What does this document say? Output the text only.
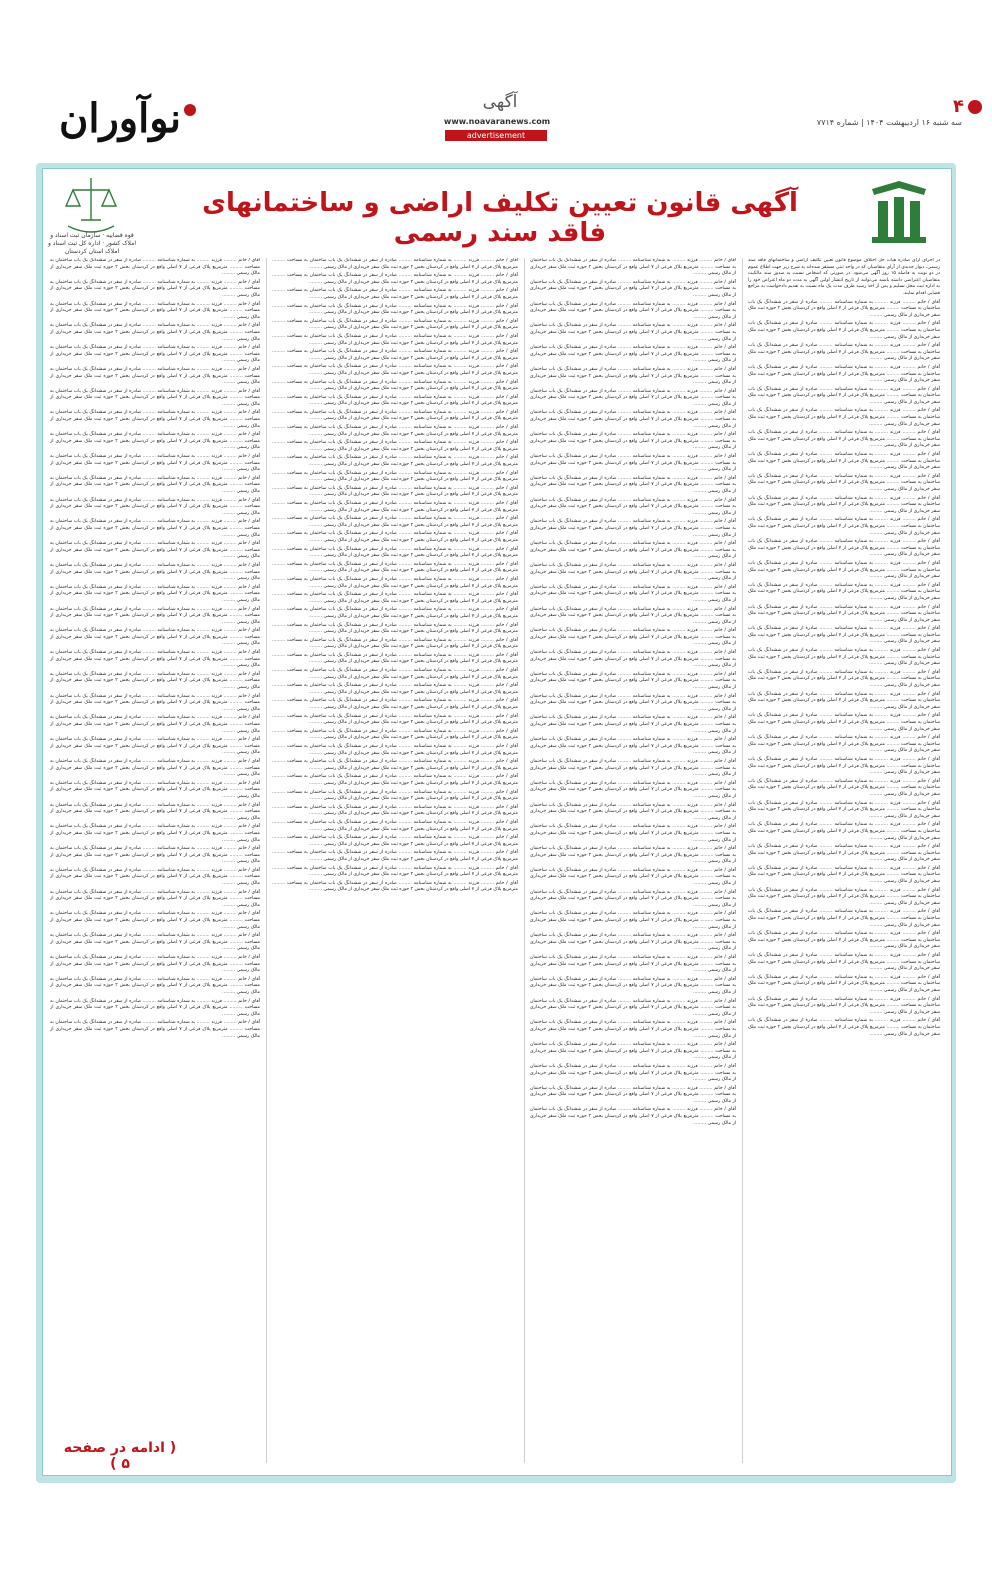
۴
سه شنبه ۱۶ اردیبهشت ۱۴۰۴ | شماره ۷۷۱۴
آگهی
www.noavaranews.com
advertisement
نوآوران
قوه قضاییه · سازمان ثبت اسناد و املاک کشور · اداره کل ثبت اسناد و املاک استان کردستان
آگهی قانون تعیین تکلیف اراضی و ساختمانهای فاقد سند رسمی

در اجرای آرای صادره هیات حل اختلاف موضوع قانون تعیین تکلیف اراضی و ساختمانهای فاقد سند رسمی، دیوار جدیدی از آرای متقاضیان که در واحد ثبتی مستقر شده‌اند به شرح زیر جهت اطلاع عموم در دو نوبت به فاصله ۱۵ روز آگهی می‌شود. در صورتی که اشخاص نسبت به صدور سند مالکیت متقاضیان اعتراضی داشته باشند می‌توانند از تاریخ انتشار اولین آگهی به مدت دو ماه اعتراض خود را به اداره ثبت محل تسلیم و پس از اخذ رسید ظرف مدت یک ماه نسبت به تقدیم دادخواست به مراجع قضایی اقدام نمایند.

آقای / خانم ......... فرزند ......... به شماره شناسنامه ......... صادره از سقز در ششدانگ یک باب ساختمان به مساحت ......... مترمربع پلاک فرعی از ۷ اصلی واقع در کردستان بخش ۲ حوزه ثبت ملک سقز خریداری از مالک رسمی .........

آقای / خانم ......... فرزند ......... به شماره شناسنامه ......... صادره از سقز در ششدانگ یک باب ساختمان به مساحت ......... مترمربع پلاک فرعی از ۷ اصلی واقع در کردستان بخش ۲ حوزه ثبت ملک سقز خریداری از مالک رسمی .........

آقای / خانم ......... فرزند ......... به شماره شناسنامه ......... صادره از سقز در ششدانگ یک باب ساختمان به مساحت ......... مترمربع پلاک فرعی از ۷ اصلی واقع در کردستان بخش ۲ حوزه ثبت ملک سقز خریداری از مالک رسمی .........

آقای / خانم ......... فرزند ......... به شماره شناسنامه ......... صادره از سقز در ششدانگ یک باب ساختمان به مساحت ......... مترمربع پلاک فرعی از ۷ اصلی واقع در کردستان بخش ۲ حوزه ثبت ملک سقز خریداری از مالک رسمی .........

آقای / خانم ......... فرزند ......... به شماره شناسنامه ......... صادره از سقز در ششدانگ یک باب ساختمان به مساحت ......... مترمربع پلاک فرعی از ۷ اصلی واقع در کردستان بخش ۲ حوزه ثبت ملک سقز خریداری از مالک رسمی .........

آقای / خانم ......... فرزند ......... به شماره شناسنامه ......... صادره از سقز در ششدانگ یک باب ساختمان به مساحت ......... مترمربع پلاک فرعی از ۷ اصلی واقع در کردستان بخش ۲ حوزه ثبت ملک سقز خریداری از مالک رسمی .........

آقای / خانم ......... فرزند ......... به شماره شناسنامه ......... صادره از سقز در ششدانگ یک باب ساختمان به مساحت ......... مترمربع پلاک فرعی از ۷ اصلی واقع در کردستان بخش ۲ حوزه ثبت ملک سقز خریداری از مالک رسمی .........

آقای / خانم ......... فرزند ......... به شماره شناسنامه ......... صادره از سقز در ششدانگ یک باب ساختمان به مساحت ......... مترمربع پلاک فرعی از ۷ اصلی واقع در کردستان بخش ۲ حوزه ثبت ملک سقز خریداری از مالک رسمی .........

آقای / خانم ......... فرزند ......... به شماره شناسنامه ......... صادره از سقز در ششدانگ یک باب ساختمان به مساحت ......... مترمربع پلاک فرعی از ۷ اصلی واقع در کردستان بخش ۲ حوزه ثبت ملک سقز خریداری از مالک رسمی .........

آقای / خانم ......... فرزند ......... به شماره شناسنامه ......... صادره از سقز در ششدانگ یک باب ساختمان به مساحت ......... مترمربع پلاک فرعی از ۷ اصلی واقع در کردستان بخش ۲ حوزه ثبت ملک سقز خریداری از مالک رسمی .........

آقای / خانم ......... فرزند ......... به شماره شناسنامه ......... صادره از سقز در ششدانگ یک باب ساختمان به مساحت ......... مترمربع پلاک فرعی از ۷ اصلی واقع در کردستان بخش ۲ حوزه ثبت ملک سقز خریداری از مالک رسمی .........

آقای / خانم ......... فرزند ......... به شماره شناسنامه ......... صادره از سقز در ششدانگ یک باب ساختمان به مساحت ......... مترمربع پلاک فرعی از ۷ اصلی واقع در کردستان بخش ۲ حوزه ثبت ملک سقز خریداری از مالک رسمی .........

آقای / خانم ......... فرزند ......... به شماره شناسنامه ......... صادره از سقز در ششدانگ یک باب ساختمان به مساحت ......... مترمربع پلاک فرعی از ۷ اصلی واقع در کردستان بخش ۲ حوزه ثبت ملک سقز خریداری از مالک رسمی .........

آقای / خانم ......... فرزند ......... به شماره شناسنامه ......... صادره از سقز در ششدانگ یک باب ساختمان به مساحت ......... مترمربع پلاک فرعی از ۷ اصلی واقع در کردستان بخش ۲ حوزه ثبت ملک سقز خریداری از مالک رسمی .........

آقای / خانم ......... فرزند ......... به شماره شناسنامه ......... صادره از سقز در ششدانگ یک باب ساختمان به مساحت ......... مترمربع پلاک فرعی از ۷ اصلی واقع در کردستان بخش ۲ حوزه ثبت ملک سقز خریداری از مالک رسمی .........

آقای / خانم ......... فرزند ......... به شماره شناسنامه ......... صادره از سقز در ششدانگ یک باب ساختمان به مساحت ......... مترمربع پلاک فرعی از ۷ اصلی واقع در کردستان بخش ۲ حوزه ثبت ملک سقز خریداری از مالک رسمی .........

آقای / خانم ......... فرزند ......... به شماره شناسنامه ......... صادره از سقز در ششدانگ یک باب ساختمان به مساحت ......... مترمربع پلاک فرعی از ۷ اصلی واقع در کردستان بخش ۲ حوزه ثبت ملک سقز خریداری از مالک رسمی .........

آقای / خانم ......... فرزند ......... به شماره شناسنامه ......... صادره از سقز در ششدانگ یک باب ساختمان به مساحت ......... مترمربع پلاک فرعی از ۷ اصلی واقع در کردستان بخش ۲ حوزه ثبت ملک سقز خریداری از مالک رسمی .........

آقای / خانم ......... فرزند ......... به شماره شناسنامه ......... صادره از سقز در ششدانگ یک باب ساختمان به مساحت ......... مترمربع پلاک فرعی از ۷ اصلی واقع در کردستان بخش ۲ حوزه ثبت ملک سقز خریداری از مالک رسمی .........

آقای / خانم ......... فرزند ......... به شماره شناسنامه ......... صادره از سقز در ششدانگ یک باب ساختمان به مساحت ......... مترمربع پلاک فرعی از ۷ اصلی واقع در کردستان بخش ۲ حوزه ثبت ملک سقز خریداری از مالک رسمی .........

آقای / خانم ......... فرزند ......... به شماره شناسنامه ......... صادره از سقز در ششدانگ یک باب ساختمان به مساحت ......... مترمربع پلاک فرعی از ۷ اصلی واقع در کردستان بخش ۲ حوزه ثبت ملک سقز خریداری از مالک رسمی .........

آقای / خانم ......... فرزند ......... به شماره شناسنامه ......... صادره از سقز در ششدانگ یک باب ساختمان به مساحت ......... مترمربع پلاک فرعی از ۷ اصلی واقع در کردستان بخش ۲ حوزه ثبت ملک سقز خریداری از مالک رسمی .........

آقای / خانم ......... فرزند ......... به شماره شناسنامه ......... صادره از سقز در ششدانگ یک باب ساختمان به مساحت ......... مترمربع پلاک فرعی از ۷ اصلی واقع در کردستان بخش ۲ حوزه ثبت ملک سقز خریداری از مالک رسمی .........

آقای / خانم ......... فرزند ......... به شماره شناسنامه ......... صادره از سقز در ششدانگ یک باب ساختمان به مساحت ......... مترمربع پلاک فرعی از ۷ اصلی واقع در کردستان بخش ۲ حوزه ثبت ملک سقز خریداری از مالک رسمی .........

آقای / خانم ......... فرزند ......... به شماره شناسنامه ......... صادره از سقز در ششدانگ یک باب ساختمان به مساحت ......... مترمربع پلاک فرعی از ۷ اصلی واقع در کردستان بخش ۲ حوزه ثبت ملک سقز خریداری از مالک رسمی .........

آقای / خانم ......... فرزند ......... به شماره شناسنامه ......... صادره از سقز در ششدانگ یک باب ساختمان به مساحت ......... مترمربع پلاک فرعی از ۷ اصلی واقع در کردستان بخش ۲ حوزه ثبت ملک سقز خریداری از مالک رسمی .........

آقای / خانم ......... فرزند ......... به شماره شناسنامه ......... صادره از سقز در ششدانگ یک باب ساختمان به مساحت ......... مترمربع پلاک فرعی از ۷ اصلی واقع در کردستان بخش ۲ حوزه ثبت ملک سقز خریداری از مالک رسمی .........

آقای / خانم ......... فرزند ......... به شماره شناسنامه ......... صادره از سقز در ششدانگ یک باب ساختمان به مساحت ......... مترمربع پلاک فرعی از ۷ اصلی واقع در کردستان بخش ۲ حوزه ثبت ملک سقز خریداری از مالک رسمی .........

آقای / خانم ......... فرزند ......... به شماره شناسنامه ......... صادره از سقز در ششدانگ یک باب ساختمان به مساحت ......... مترمربع پلاک فرعی از ۷ اصلی واقع در کردستان بخش ۲ حوزه ثبت ملک سقز خریداری از مالک رسمی .........

آقای / خانم ......... فرزند ......... به شماره شناسنامه ......... صادره از سقز در ششدانگ یک باب ساختمان به مساحت ......... مترمربع پلاک فرعی از ۷ اصلی واقع در کردستان بخش ۲ حوزه ثبت ملک سقز خریداری از مالک رسمی .........

آقای / خانم ......... فرزند ......... به شماره شناسنامه ......... صادره از سقز در ششدانگ یک باب ساختمان به مساحت ......... مترمربع پلاک فرعی از ۷ اصلی واقع در کردستان بخش ۲ حوزه ثبت ملک سقز خریداری از مالک رسمی .........

آقای / خانم ......... فرزند ......... به شماره شناسنامه ......... صادره از سقز در ششدانگ یک باب ساختمان به مساحت ......... مترمربع پلاک فرعی از ۷ اصلی واقع در کردستان بخش ۲ حوزه ثبت ملک سقز خریداری از مالک رسمی .........

آقای / خانم ......... فرزند ......... به شماره شناسنامه ......... صادره از سقز در ششدانگ یک باب ساختمان به مساحت ......... مترمربع پلاک فرعی از ۷ اصلی واقع در کردستان بخش ۲ حوزه ثبت ملک سقز خریداری از مالک رسمی .........

آقای / خانم ......... فرزند ......... به شماره شناسنامه ......... صادره از سقز در ششدانگ یک باب ساختمان به مساحت ......... مترمربع پلاک فرعی از ۷ اصلی واقع در کردستان بخش ۲ حوزه ثبت ملک سقز خریداری از مالک رسمی .........

آقای / خانم ......... فرزند ......... به شماره شناسنامه ......... صادره از سقز در ششدانگ یک باب ساختمان به مساحت ......... مترمربع پلاک فرعی از ۷ اصلی واقع در کردستان بخش ۲ حوزه ثبت ملک سقز خریداری از مالک رسمی .........

آقای / خانم ......... فرزند ......... به شماره شناسنامه ......... صادره از سقز در ششدانگ یک باب ساختمان به مساحت ......... مترمربع پلاک فرعی از ۷ اصلی واقع در کردستان بخش ۲ حوزه ثبت ملک سقز خریداری از مالک رسمی .........

آقای / خانم ......... فرزند ......... به شماره شناسنامه ......... صادره از سقز در ششدانگ یک باب ساختمان به مساحت ......... مترمربع پلاک فرعی از ۷ اصلی واقع در کردستان بخش ۲ حوزه ثبت ملک سقز خریداری از مالک رسمی .........

آقای / خانم ......... فرزند ......... به شماره شناسنامه ......... صادره از سقز در ششدانگ یک باب ساختمان به مساحت ......... مترمربع پلاک فرعی از ۷ اصلی واقع در کردستان بخش ۲ حوزه ثبت ملک سقز خریداری از مالک رسمی .........

آقای / خانم ......... فرزند ......... به شماره شناسنامه ......... صادره از سقز در ششدانگ یک باب ساختمان به مساحت ......... مترمربع پلاک فرعی از ۷ اصلی واقع در کردستان بخش ۲ حوزه ثبت ملک سقز خریداری از مالک رسمی .........

آقای / خانم ......... فرزند ......... به شماره شناسنامه ......... صادره از سقز در ششدانگ یک باب ساختمان به مساحت ......... مترمربع پلاک فرعی از ۷ اصلی واقع در کردستان بخش ۲ حوزه ثبت ملک سقز خریداری از مالک رسمی .........

آقای / خانم ......... فرزند ......... به شماره شناسنامه ......... صادره از سقز در ششدانگ یک باب ساختمان به مساحت ......... مترمربع پلاک فرعی از ۷ اصلی واقع در کردستان بخش ۲ حوزه ثبت ملک سقز خریداری از مالک رسمی .........

آقای / خانم ......... فرزند ......... به شماره شناسنامه ......... صادره از سقز در ششدانگ یک باب ساختمان به مساحت ......... مترمربع پلاک فرعی از ۷ اصلی واقع در کردستان بخش ۲ حوزه ثبت ملک سقز خریداری از مالک رسمی .........

آقای / خانم ......... فرزند ......... به شماره شناسنامه ......... صادره از سقز در ششدانگ یک باب ساختمان به مساحت ......... مترمربع پلاک فرعی از ۷ اصلی واقع در کردستان بخش ۲ حوزه ثبت ملک سقز خریداری از مالک رسمی .........

آقای / خانم ......... فرزند ......... به شماره شناسنامه ......... صادره از سقز در ششدانگ یک باب ساختمان به مساحت ......... مترمربع پلاک فرعی از ۷ اصلی واقع در کردستان بخش ۲ حوزه ثبت ملک سقز خریداری از مالک رسمی .........

آقای / خانم ......... فرزند ......... به شماره شناسنامه ......... صادره از سقز در ششدانگ یک باب ساختمان به مساحت ......... مترمربع پلاک فرعی از ۷ اصلی واقع در کردستان بخش ۲ حوزه ثبت ملک سقز خریداری از مالک رسمی .........

آقای / خانم ......... فرزند ......... به شماره شناسنامه ......... صادره از سقز در ششدانگ یک باب ساختمان به مساحت ......... مترمربع پلاک فرعی از ۷ اصلی واقع در کردستان بخش ۲ حوزه ثبت ملک سقز خریداری از مالک رسمی .........

آقای / خانم ......... فرزند ......... به شماره شناسنامه ......... صادره از سقز در ششدانگ یک باب ساختمان به مساحت ......... مترمربع پلاک فرعی از ۷ اصلی واقع در کردستان بخش ۲ حوزه ثبت ملک سقز خریداری از مالک رسمی .........

آقای / خانم ......... فرزند ......... به شماره شناسنامه ......... صادره از سقز در ششدانگ یک باب ساختمان به مساحت ......... مترمربع پلاک فرعی از ۷ اصلی واقع در کردستان بخش ۲ حوزه ثبت ملک سقز خریداری از مالک رسمی .........

آقای / خانم ......... فرزند ......... به شماره شناسنامه ......... صادره از سقز در ششدانگ یک باب ساختمان به مساحت ......... مترمربع پلاک فرعی از ۷ اصلی واقع در کردستان بخش ۲ حوزه ثبت ملک سقز خریداری از مالک رسمی .........

آقای / خانم ......... فرزند ......... به شماره شناسنامه ......... صادره از سقز در ششدانگ یک باب ساختمان به مساحت ......... مترمربع پلاک فرعی از ۷ اصلی واقع در کردستان بخش ۲ حوزه ثبت ملک سقز خریداری از مالک رسمی .........

آقای / خانم ......... فرزند ......... به شماره شناسنامه ......... صادره از سقز در ششدانگ یک باب ساختمان به مساحت ......... مترمربع پلاک فرعی از ۷ اصلی واقع در کردستان بخش ۲ حوزه ثبت ملک سقز خریداری از مالک رسمی .........

آقای / خانم ......... فرزند ......... به شماره شناسنامه ......... صادره از سقز در ششدانگ یک باب ساختمان به مساحت ......... مترمربع پلاک فرعی از ۷ اصلی واقع در کردستان بخش ۲ حوزه ثبت ملک سقز خریداری از مالک رسمی .........

آقای / خانم ......... فرزند ......... به شماره شناسنامه ......... صادره از سقز در ششدانگ یک باب ساختمان به مساحت ......... مترمربع پلاک فرعی از ۷ اصلی واقع در کردستان بخش ۲ حوزه ثبت ملک سقز خریداری از مالک رسمی .........

آقای / خانم ......... فرزند ......... به شماره شناسنامه ......... صادره از سقز در ششدانگ یک باب ساختمان به مساحت ......... مترمربع پلاک فرعی از ۷ اصلی واقع در کردستان بخش ۲ حوزه ثبت ملک سقز خریداری از مالک رسمی .........

آقای / خانم ......... فرزند ......... به شماره شناسنامه ......... صادره از سقز در ششدانگ یک باب ساختمان به مساحت ......... مترمربع پلاک فرعی از ۷ اصلی واقع در کردستان بخش ۲ حوزه ثبت ملک سقز خریداری از مالک رسمی .........

آقای / خانم ......... فرزند ......... به شماره شناسنامه ......... صادره از سقز در ششدانگ یک باب ساختمان به مساحت ......... مترمربع پلاک فرعی از ۷ اصلی واقع در کردستان بخش ۲ حوزه ثبت ملک سقز خریداری از مالک رسمی .........

آقای / خانم ......... فرزند ......... به شماره شناسنامه ......... صادره از سقز در ششدانگ یک باب ساختمان به مساحت ......... مترمربع پلاک فرعی از ۷ اصلی واقع در کردستان بخش ۲ حوزه ثبت ملک سقز خریداری از مالک رسمی .........

آقای / خانم ......... فرزند ......... به شماره شناسنامه ......... صادره از سقز در ششدانگ یک باب ساختمان به مساحت ......... مترمربع پلاک فرعی از ۷ اصلی واقع در کردستان بخش ۲ حوزه ثبت ملک سقز خریداری از مالک رسمی .........

آقای / خانم ......... فرزند ......... به شماره شناسنامه ......... صادره از سقز در ششدانگ یک باب ساختمان به مساحت ......... مترمربع پلاک فرعی از ۷ اصلی واقع در کردستان بخش ۲ حوزه ثبت ملک سقز خریداری از مالک رسمی .........

آقای / خانم ......... فرزند ......... به شماره شناسنامه ......... صادره از سقز در ششدانگ یک باب ساختمان به مساحت ......... مترمربع پلاک فرعی از ۷ اصلی واقع در کردستان بخش ۲ حوزه ثبت ملک سقز خریداری از مالک رسمی .........

آقای / خانم ......... فرزند ......... به شماره شناسنامه ......... صادره از سقز در ششدانگ یک باب ساختمان به مساحت ......... مترمربع پلاک فرعی از ۷ اصلی واقع در کردستان بخش ۲ حوزه ثبت ملک سقز خریداری از مالک رسمی .........

آقای / خانم ......... فرزند ......... به شماره شناسنامه ......... صادره از سقز در ششدانگ یک باب ساختمان به مساحت ......... مترمربع پلاک فرعی از ۷ اصلی واقع در کردستان بخش ۲ حوزه ثبت ملک سقز خریداری از مالک رسمی .........

آقای / خانم ......... فرزند ......... به شماره شناسنامه ......... صادره از سقز در ششدانگ یک باب ساختمان به مساحت ......... مترمربع پلاک فرعی از ۷ اصلی واقع در کردستان بخش ۲ حوزه ثبت ملک سقز خریداری از مالک رسمی .........

آقای / خانم ......... فرزند ......... به شماره شناسنامه ......... صادره از سقز در ششدانگ یک باب ساختمان به مساحت ......... مترمربع پلاک فرعی از ۷ اصلی واقع در کردستان بخش ۲ حوزه ثبت ملک سقز خریداری از مالک رسمی .........

آقای / خانم ......... فرزند ......... به شماره شناسنامه ......... صادره از سقز در ششدانگ یک باب ساختمان به مساحت ......... مترمربع پلاک فرعی از ۷ اصلی واقع در کردستان بخش ۲ حوزه ثبت ملک سقز خریداری از مالک رسمی .........

آقای / خانم ......... فرزند ......... به شماره شناسنامه ......... صادره از سقز در ششدانگ یک باب ساختمان به مساحت ......... مترمربع پلاک فرعی از ۷ اصلی واقع در کردستان بخش ۲ حوزه ثبت ملک سقز خریداری از مالک رسمی .........

آقای / خانم ......... فرزند ......... به شماره شناسنامه ......... صادره از سقز در ششدانگ یک باب ساختمان به مساحت ......... مترمربع پلاک فرعی از ۷ اصلی واقع در کردستان بخش ۲ حوزه ثبت ملک سقز خریداری از مالک رسمی .........

آقای / خانم ......... فرزند ......... به شماره شناسنامه ......... صادره از سقز در ششدانگ یک باب ساختمان به مساحت ......... مترمربع پلاک فرعی از ۷ اصلی واقع در کردستان بخش ۲ حوزه ثبت ملک سقز خریداری از مالک رسمی .........

آقای / خانم ......... فرزند ......... به شماره شناسنامه ......... صادره از سقز در ششدانگ یک باب ساختمان به مساحت ......... مترمربع پلاک فرعی از ۷ اصلی واقع در کردستان بخش ۲ حوزه ثبت ملک سقز خریداری از مالک رسمی .........

آقای / خانم ......... فرزند ......... به شماره شناسنامه ......... صادره از سقز در ششدانگ یک باب ساختمان به مساحت ......... مترمربع پلاک فرعی از ۷ اصلی واقع در کردستان بخش ۲ حوزه ثبت ملک سقز خریداری از مالک رسمی .........

آقای / خانم ......... فرزند ......... به شماره شناسنامه ......... صادره از سقز در ششدانگ یک باب ساختمان به مساحت ......... مترمربع پلاک فرعی از ۷ اصلی واقع در کردستان بخش ۲ حوزه ثبت ملک سقز خریداری از مالک رسمی .........

آقای / خانم ......... فرزند ......... به شماره شناسنامه ......... صادره از سقز در ششدانگ یک باب ساختمان به مساحت ......... مترمربع پلاک فرعی از ۷ اصلی واقع در کردستان بخش ۲ حوزه ثبت ملک سقز خریداری از مالک رسمی .........

آقای / خانم ......... فرزند ......... به شماره شناسنامه ......... صادره از سقز در ششدانگ یک باب ساختمان به مساحت ......... مترمربع پلاک فرعی از ۷ اصلی واقع در کردستان بخش ۲ حوزه ثبت ملک سقز خریداری از مالک رسمی .........

آقای / خانم ......... فرزند ......... به شماره شناسنامه ......... صادره از سقز در ششدانگ یک باب ساختمان به مساحت ......... مترمربع پلاک فرعی از ۷ اصلی واقع در کردستان بخش ۲ حوزه ثبت ملک سقز خریداری از مالک رسمی .........

آقای / خانم ......... فرزند ......... به شماره شناسنامه ......... صادره از سقز در ششدانگ یک باب ساختمان به مساحت ......... مترمربع پلاک فرعی از ۷ اصلی واقع در کردستان بخش ۲ حوزه ثبت ملک سقز خریداری از مالک رسمی .........

آقای / خانم ......... فرزند ......... به شماره شناسنامه ......... صادره از سقز در ششدانگ یک باب ساختمان به مساحت ......... مترمربع پلاک فرعی از ۷ اصلی واقع در کردستان بخش ۲ حوزه ثبت ملک سقز خریداری از مالک رسمی .........

آقای / خانم ......... فرزند ......... به شماره شناسنامه ......... صادره از سقز در ششدانگ یک باب ساختمان به مساحت ......... مترمربع پلاک فرعی از ۷ اصلی واقع در کردستان بخش ۲ حوزه ثبت ملک سقز خریداری از مالک رسمی .........

آقای / خانم ......... فرزند ......... به شماره شناسنامه ......... صادره از سقز در ششدانگ یک باب ساختمان به مساحت ......... مترمربع پلاک فرعی از ۷ اصلی واقع در کردستان بخش ۲ حوزه ثبت ملک سقز خریداری از مالک رسمی .........

آقای / خانم ......... فرزند ......... به شماره شناسنامه ......... صادره از سقز در ششدانگ یک باب ساختمان به مساحت ......... مترمربع پلاک فرعی از ۷ اصلی واقع در کردستان بخش ۲ حوزه ثبت ملک سقز خریداری از مالک رسمی .........

آقای / خانم ......... فرزند ......... به شماره شناسنامه ......... صادره از سقز در ششدانگ یک باب ساختمان به مساحت ......... مترمربع پلاک فرعی از ۷ اصلی واقع در کردستان بخش ۲ حوزه ثبت ملک سقز خریداری از مالک رسمی .........

آقای / خانم ......... فرزند ......... به شماره شناسنامه ......... صادره از سقز در ششدانگ یک باب ساختمان به مساحت ......... مترمربع پلاک فرعی از ۷ اصلی واقع در کردستان بخش ۲ حوزه ثبت ملک سقز خریداری از مالک رسمی .........

آقای / خانم ......... فرزند ......... به شماره شناسنامه ......... صادره از سقز در ششدانگ یک باب ساختمان به مساحت ......... مترمربع پلاک فرعی از ۷ اصلی واقع در کردستان بخش ۲ حوزه ثبت ملک سقز خریداری از مالک رسمی .........

آقای / خانم ......... فرزند ......... به شماره شناسنامه ......... صادره از سقز در ششدانگ یک باب ساختمان به مساحت ......... مترمربع پلاک فرعی از ۷ اصلی واقع در کردستان بخش ۲ حوزه ثبت ملک سقز خریداری از مالک رسمی .........

آقای / خانم ......... فرزند ......... به شماره شناسنامه ......... صادره از سقز در ششدانگ یک باب ساختمان به مساحت ......... مترمربع پلاک فرعی از ۷ اصلی واقع در کردستان بخش ۲ حوزه ثبت ملک سقز خریداری از مالک رسمی .........

آقای / خانم ......... فرزند ......... به شماره شناسنامه ......... صادره از سقز در ششدانگ یک باب ساختمان به مساحت ......... مترمربع پلاک فرعی از ۷ اصلی واقع در کردستان بخش ۲ حوزه ثبت ملک سقز خریداری از مالک رسمی .........

آقای / خانم ......... فرزند ......... به شماره شناسنامه ......... صادره از سقز در ششدانگ یک باب ساختمان به مساحت ......... مترمربع پلاک فرعی از ۷ اصلی واقع در کردستان بخش ۲ حوزه ثبت ملک سقز خریداری از مالک رسمی .........

آقای / خانم ......... فرزند ......... به شماره شناسنامه ......... صادره از سقز در ششدانگ یک باب ساختمان به مساحت ......... مترمربع پلاک فرعی از ۷ اصلی واقع در کردستان بخش ۲ حوزه ثبت ملک سقز خریداری از مالک رسمی .........

آقای / خانم ......... فرزند ......... به شماره شناسنامه ......... صادره از سقز در ششدانگ یک باب ساختمان به مساحت ......... مترمربع پلاک فرعی از ۷ اصلی واقع در کردستان بخش ۲ حوزه ثبت ملک سقز خریداری از مالک رسمی .........

آقای / خانم ......... فرزند ......... به شماره شناسنامه ......... صادره از سقز در ششدانگ یک باب ساختمان به مساحت ......... مترمربع پلاک فرعی از ۷ اصلی واقع در کردستان بخش ۲ حوزه ثبت ملک سقز خریداری از مالک رسمی .........

آقای / خانم ......... فرزند ......... به شماره شناسنامه ......... صادره از سقز در ششدانگ یک باب ساختمان به مساحت ......... مترمربع پلاک فرعی از ۷ اصلی واقع در کردستان بخش ۲ حوزه ثبت ملک سقز خریداری از مالک رسمی .........

آقای / خانم ......... فرزند ......... به شماره شناسنامه ......... صادره از سقز در ششدانگ یک باب ساختمان به مساحت ......... مترمربع پلاک فرعی از ۷ اصلی واقع در کردستان بخش ۲ حوزه ثبت ملک سقز خریداری از مالک رسمی .........

آقای / خانم ......... فرزند ......... به شماره شناسنامه ......... صادره از سقز در ششدانگ یک باب ساختمان به مساحت ......... مترمربع پلاک فرعی از ۷ اصلی واقع در کردستان بخش ۲ حوزه ثبت ملک سقز خریداری از مالک رسمی .........

آقای / خانم ......... فرزند ......... به شماره شناسنامه ......... صادره از سقز در ششدانگ یک باب ساختمان به مساحت ......... مترمربع پلاک فرعی از ۷ اصلی واقع در کردستان بخش ۲ حوزه ثبت ملک سقز خریداری از مالک رسمی .........

آقای / خانم ......... فرزند ......... به شماره شناسنامه ......... صادره از سقز در ششدانگ یک باب ساختمان به مساحت ......... مترمربع پلاک فرعی از ۷ اصلی واقع در کردستان بخش ۲ حوزه ثبت ملک سقز خریداری از مالک رسمی .........

آقای / خانم ......... فرزند ......... به شماره شناسنامه ......... صادره از سقز در ششدانگ یک باب ساختمان به مساحت ......... مترمربع پلاک فرعی از ۷ اصلی واقع در کردستان بخش ۲ حوزه ثبت ملک سقز خریداری از مالک رسمی .........

آقای / خانم ......... فرزند ......... به شماره شناسنامه ......... صادره از سقز در ششدانگ یک باب ساختمان به مساحت ......... مترمربع پلاک فرعی از ۷ اصلی واقع در کردستان بخش ۲ حوزه ثبت ملک سقز خریداری از مالک رسمی .........

آقای / خانم ......... فرزند ......... به شماره شناسنامه ......... صادره از سقز در ششدانگ یک باب ساختمان به مساحت ......... مترمربع پلاک فرعی از ۷ اصلی واقع در کردستان بخش ۲ حوزه ثبت ملک سقز خریداری از مالک رسمی .........

آقای / خانم ......... فرزند ......... به شماره شناسنامه ......... صادره از سقز در ششدانگ یک باب ساختمان به مساحت ......... مترمربع پلاک فرعی از ۷ اصلی واقع در کردستان بخش ۲ حوزه ثبت ملک سقز خریداری از مالک رسمی .........

آقای / خانم ......... فرزند ......... به شماره شناسنامه ......... صادره از سقز در ششدانگ یک باب ساختمان به مساحت ......... مترمربع پلاک فرعی از ۷ اصلی واقع در کردستان بخش ۲ حوزه ثبت ملک سقز خریداری از مالک رسمی .........

آقای / خانم ......... فرزند ......... به شماره شناسنامه ......... صادره از سقز در ششدانگ یک باب ساختمان به مساحت ......... مترمربع پلاک فرعی از ۷ اصلی واقع در کردستان بخش ۲ حوزه ثبت ملک سقز خریداری از مالک رسمی .........

آقای / خانم ......... فرزند ......... به شماره شناسنامه ......... صادره از سقز در ششدانگ یک باب ساختمان به مساحت ......... مترمربع پلاک فرعی از ۷ اصلی واقع در کردستان بخش ۲ حوزه ثبت ملک سقز خریداری از مالک رسمی .........

آقای / خانم ......... فرزند ......... به شماره شناسنامه ......... صادره از سقز در ششدانگ یک باب ساختمان به مساحت ......... مترمربع پلاک فرعی از ۷ اصلی واقع در کردستان بخش ۲ حوزه ثبت ملک سقز خریداری از مالک رسمی .........

آقای / خانم ......... فرزند ......... به شماره شناسنامه ......... صادره از سقز در ششدانگ یک باب ساختمان به مساحت ......... مترمربع پلاک فرعی از ۷ اصلی واقع در کردستان بخش ۲ حوزه ثبت ملک سقز خریداری از مالک رسمی .........

آقای / خانم ......... فرزند ......... به شماره شناسنامه ......... صادره از سقز در ششدانگ یک باب ساختمان به مساحت ......... مترمربع پلاک فرعی از ۷ اصلی واقع در کردستان بخش ۲ حوزه ثبت ملک سقز خریداری از مالک رسمی .........

آقای / خانم ......... فرزند ......... به شماره شناسنامه ......... صادره از سقز در ششدانگ یک باب ساختمان به مساحت ......... مترمربع پلاک فرعی از ۷ اصلی واقع در کردستان بخش ۲ حوزه ثبت ملک سقز خریداری از مالک رسمی .........

آقای / خانم ......... فرزند ......... به شماره شناسنامه ......... صادره از سقز در ششدانگ یک باب ساختمان به مساحت ......... مترمربع پلاک فرعی از ۷ اصلی واقع در کردستان بخش ۲ حوزه ثبت ملک سقز خریداری از مالک رسمی .........

آقای / خانم ......... فرزند ......... به شماره شناسنامه ......... صادره از سقز در ششدانگ یک باب ساختمان به مساحت ......... مترمربع پلاک فرعی از ۷ اصلی واقع در کردستان بخش ۲ حوزه ثبت ملک سقز خریداری از مالک رسمی .........

آقای / خانم ......... فرزند ......... به شماره شناسنامه ......... صادره از سقز در ششدانگ یک باب ساختمان به مساحت ......... مترمربع پلاک فرعی از ۷ اصلی واقع در کردستان بخش ۲ حوزه ثبت ملک سقز خریداری از مالک رسمی .........

آقای / خانم ......... فرزند ......... به شماره شناسنامه ......... صادره از سقز در ششدانگ یک باب ساختمان به مساحت ......... مترمربع پلاک فرعی از ۷ اصلی واقع در کردستان بخش ۲ حوزه ثبت ملک سقز خریداری از مالک رسمی .........

آقای / خانم ......... فرزند ......... به شماره شناسنامه ......... صادره از سقز در ششدانگ یک باب ساختمان به مساحت ......... مترمربع پلاک فرعی از ۷ اصلی واقع در کردستان بخش ۲ حوزه ثبت ملک سقز خریداری از مالک رسمی .........

آقای / خانم ......... فرزند ......... به شماره شناسنامه ......... صادره از سقز در ششدانگ یک باب ساختمان به مساحت ......... مترمربع پلاک فرعی از ۷ اصلی واقع در کردستان بخش ۲ حوزه ثبت ملک سقز خریداری از مالک رسمی .........

آقای / خانم ......... فرزند ......... به شماره شناسنامه ......... صادره از سقز در ششدانگ یک باب ساختمان به مساحت ......... مترمربع پلاک فرعی از ۷ اصلی واقع در کردستان بخش ۲ حوزه ثبت ملک سقز خریداری از مالک رسمی .........

آقای / خانم ......... فرزند ......... به شماره شناسنامه ......... صادره از سقز در ششدانگ یک باب ساختمان به مساحت ......... مترمربع پلاک فرعی از ۷ اصلی واقع در کردستان بخش ۲ حوزه ثبت ملک سقز خریداری از مالک رسمی .........

آقای / خانم ......... فرزند ......... به شماره شناسنامه ......... صادره از سقز در ششدانگ یک باب ساختمان به مساحت ......... مترمربع پلاک فرعی از ۷ اصلی واقع در کردستان بخش ۲ حوزه ثبت ملک سقز خریداری از مالک رسمی .........

آقای / خانم ......... فرزند ......... به شماره شناسنامه ......... صادره از سقز در ششدانگ یک باب ساختمان به مساحت ......... مترمربع پلاک فرعی از ۷ اصلی واقع در کردستان بخش ۲ حوزه ثبت ملک سقز خریداری از مالک رسمی .........

آقای / خانم ......... فرزند ......... به شماره شناسنامه ......... صادره از سقز در ششدانگ یک باب ساختمان به مساحت ......... مترمربع پلاک فرعی از ۷ اصلی واقع در کردستان بخش ۲ حوزه ثبت ملک سقز خریداری از مالک رسمی .........

آقای / خانم ......... فرزند ......... به شماره شناسنامه ......... صادره از سقز در ششدانگ یک باب ساختمان به مساحت ......... مترمربع پلاک فرعی از ۷ اصلی واقع در کردستان بخش ۲ حوزه ثبت ملک سقز خریداری از مالک رسمی .........

آقای / خانم ......... فرزند ......... به شماره شناسنامه ......... صادره از سقز در ششدانگ یک باب ساختمان به مساحت ......... مترمربع پلاک فرعی از ۷ اصلی واقع در کردستان بخش ۲ حوزه ثبت ملک سقز خریداری از مالک رسمی .........

آقای / خانم ......... فرزند ......... به شماره شناسنامه ......... صادره از سقز در ششدانگ یک باب ساختمان به مساحت ......... مترمربع پلاک فرعی از ۷ اصلی واقع در کردستان بخش ۲ حوزه ثبت ملک سقز خریداری از مالک رسمی .........

آقای / خانم ......... فرزند ......... به شماره شناسنامه ......... صادره از سقز در ششدانگ یک باب ساختمان به مساحت ......... مترمربع پلاک فرعی از ۷ اصلی واقع در کردستان بخش ۲ حوزه ثبت ملک سقز خریداری از مالک رسمی .........

آقای / خانم ......... فرزند ......... به شماره شناسنامه ......... صادره از سقز در ششدانگ یک باب ساختمان به مساحت ......... مترمربع پلاک فرعی از ۷ اصلی واقع در کردستان بخش ۲ حوزه ثبت ملک سقز خریداری از مالک رسمی .........

آقای / خانم ......... فرزند ......... به شماره شناسنامه ......... صادره از سقز در ششدانگ یک باب ساختمان به مساحت ......... مترمربع پلاک فرعی از ۷ اصلی واقع در کردستان بخش ۲ حوزه ثبت ملک سقز خریداری از مالک رسمی .........

آقای / خانم ......... فرزند ......... به شماره شناسنامه ......... صادره از سقز در ششدانگ یک باب ساختمان به مساحت ......... مترمربع پلاک فرعی از ۷ اصلی واقع در کردستان بخش ۲ حوزه ثبت ملک سقز خریداری از مالک رسمی .........

آقای / خانم ......... فرزند ......... به شماره شناسنامه ......... صادره از سقز در ششدانگ یک باب ساختمان به مساحت ......... مترمربع پلاک فرعی از ۷ اصلی واقع در کردستان بخش ۲ حوزه ثبت ملک سقز خریداری از مالک رسمی .........

آقای / خانم ......... فرزند ......... به شماره شناسنامه ......... صادره از سقز در ششدانگ یک باب ساختمان به مساحت ......... مترمربع پلاک فرعی از ۷ اصلی واقع در کردستان بخش ۲ حوزه ثبت ملک سقز خریداری از مالک رسمی .........

آقای / خانم ......... فرزند ......... به شماره شناسنامه ......... صادره از سقز در ششدانگ یک باب ساختمان به مساحت ......... مترمربع پلاک فرعی از ۷ اصلی واقع در کردستان بخش ۲ حوزه ثبت ملک سقز خریداری از مالک رسمی .........

آقای / خانم ......... فرزند ......... به شماره شناسنامه ......... صادره از سقز در ششدانگ یک باب ساختمان به مساحت ......... مترمربع پلاک فرعی از ۷ اصلی واقع در کردستان بخش ۲ حوزه ثبت ملک سقز خریداری از مالک رسمی .........

آقای / خانم ......... فرزند ......... به شماره شناسنامه ......... صادره از سقز در ششدانگ یک باب ساختمان به مساحت ......... مترمربع پلاک فرعی از ۷ اصلی واقع در کردستان بخش ۲ حوزه ثبت ملک سقز خریداری از مالک رسمی .........

آقای / خانم ......... فرزند ......... به شماره شناسنامه ......... صادره از سقز در ششدانگ یک باب ساختمان به مساحت ......... مترمربع پلاک فرعی از ۷ اصلی واقع در کردستان بخش ۲ حوزه ثبت ملک سقز خریداری از مالک رسمی .........

آقای / خانم ......... فرزند ......... به شماره شناسنامه ......... صادره از سقز در ششدانگ یک باب ساختمان به مساحت ......... مترمربع پلاک فرعی از ۷ اصلی واقع در کردستان بخش ۲ حوزه ثبت ملک سقز خریداری از مالک رسمی .........

آقای / خانم ......... فرزند ......... به شماره شناسنامه ......... صادره از سقز در ششدانگ یک باب ساختمان به مساحت ......... مترمربع پلاک فرعی از ۷ اصلی واقع در کردستان بخش ۲ حوزه ثبت ملک سقز خریداری از مالک رسمی .........

آقای / خانم ......... فرزند ......... به شماره شناسنامه ......... صادره از سقز در ششدانگ یک باب ساختمان به مساحت ......... مترمربع پلاک فرعی از ۷ اصلی واقع در کردستان بخش ۲ حوزه ثبت ملک سقز خریداری از مالک رسمی .........

آقای / خانم ......... فرزند ......... به شماره شناسنامه ......... صادره از سقز در ششدانگ یک باب ساختمان به مساحت ......... مترمربع پلاک فرعی از ۷ اصلی واقع در کردستان بخش ۲ حوزه ثبت ملک سقز خریداری از مالک رسمی .........

آقای / خانم ......... فرزند ......... به شماره شناسنامه ......... صادره از سقز در ششدانگ یک باب ساختمان به مساحت ......... مترمربع پلاک فرعی از ۷ اصلی واقع در کردستان بخش ۲ حوزه ثبت ملک سقز خریداری از مالک رسمی .........

آقای / خانم ......... فرزند ......... به شماره شناسنامه ......... صادره از سقز در ششدانگ یک باب ساختمان به مساحت ......... مترمربع پلاک فرعی از ۷ اصلی واقع در کردستان بخش ۲ حوزه ثبت ملک سقز خریداری از مالک رسمی .........

آقای / خانم ......... فرزند ......... به شماره شناسنامه ......... صادره از سقز در ششدانگ یک باب ساختمان به مساحت ......... مترمربع پلاک فرعی از ۷ اصلی واقع در کردستان بخش ۲ حوزه ثبت ملک سقز خریداری از مالک رسمی .........

آقای / خانم ......... فرزند ......... به شماره شناسنامه ......... صادره از سقز در ششدانگ یک باب ساختمان به مساحت ......... مترمربع پلاک فرعی از ۷ اصلی واقع در کردستان بخش ۲ حوزه ثبت ملک سقز خریداری از مالک رسمی .........

آقای / خانم ......... فرزند ......... به شماره شناسنامه ......... صادره از سقز در ششدانگ یک باب ساختمان به مساحت ......... مترمربع پلاک فرعی از ۷ اصلی واقع در کردستان بخش ۲ حوزه ثبت ملک سقز خریداری از مالک رسمی .........

آقای / خانم ......... فرزند ......... به شماره شناسنامه ......... صادره از سقز در ششدانگ یک باب ساختمان به مساحت ......... مترمربع پلاک فرعی از ۷ اصلی واقع در کردستان بخش ۲ حوزه ثبت ملک سقز خریداری از مالک رسمی .........

آقای / خانم ......... فرزند ......... به شماره شناسنامه ......... صادره از سقز در ششدانگ یک باب ساختمان به مساحت ......... مترمربع پلاک فرعی از ۷ اصلی واقع در کردستان بخش ۲ حوزه ثبت ملک سقز خریداری از مالک رسمی .........

آقای / خانم ......... فرزند ......... به شماره شناسنامه ......... صادره از سقز در ششدانگ یک باب ساختمان به مساحت ......... مترمربع پلاک فرعی از ۷ اصلی واقع در کردستان بخش ۲ حوزه ثبت ملک سقز خریداری از مالک رسمی .........

آقای / خانم ......... فرزند ......... به شماره شناسنامه ......... صادره از سقز در ششدانگ یک باب ساختمان به مساحت ......... مترمربع پلاک فرعی از ۷ اصلی واقع در کردستان بخش ۲ حوزه ثبت ملک سقز خریداری از مالک رسمی .........

آقای / خانم ......... فرزند ......... به شماره شناسنامه ......... صادره از سقز در ششدانگ یک باب ساختمان به مساحت ......... مترمربع پلاک فرعی از ۷ اصلی واقع در کردستان بخش ۲ حوزه ثبت ملک سقز خریداری از مالک رسمی .........

آقای / خانم ......... فرزند ......... به شماره شناسنامه ......... صادره از سقز در ششدانگ یک باب ساختمان به مساحت ......... مترمربع پلاک فرعی از ۷ اصلی واقع در کردستان بخش ۲ حوزه ثبت ملک سقز خریداری از مالک رسمی .........

آقای / خانم ......... فرزند ......... به شماره شناسنامه ......... صادره از سقز در ششدانگ یک باب ساختمان به مساحت ......... مترمربع پلاک فرعی از ۷ اصلی واقع در کردستان بخش ۲ حوزه ثبت ملک سقز خریداری از مالک رسمی .........

آقای / خانم ......... فرزند ......... به شماره شناسنامه ......... صادره از سقز در ششدانگ یک باب ساختمان به مساحت ......... مترمربع پلاک فرعی از ۷ اصلی واقع در کردستان بخش ۲ حوزه ثبت ملک سقز خریداری از مالک رسمی .........

آقای / خانم ......... فرزند ......... به شماره شناسنامه ......... صادره از سقز در ششدانگ یک باب ساختمان به مساحت ......... مترمربع پلاک فرعی از ۷ اصلی واقع در کردستان بخش ۲ حوزه ثبت ملک سقز خریداری از مالک رسمی .........

آقای / خانم ......... فرزند ......... به شماره شناسنامه ......... صادره از سقز در ششدانگ یک باب ساختمان به مساحت ......... مترمربع پلاک فرعی از ۷ اصلی واقع در کردستان بخش ۲ حوزه ثبت ملک سقز خریداری از مالک رسمی .........

آقای / خانم ......... فرزند ......... به شماره شناسنامه ......... صادره از سقز در ششدانگ یک باب ساختمان به مساحت ......... مترمربع پلاک فرعی از ۷ اصلی واقع در کردستان بخش ۲ حوزه ثبت ملک سقز خریداری از مالک رسمی .........

آقای / خانم ......... فرزند ......... به شماره شناسنامه ......... صادره از سقز در ششدانگ یک باب ساختمان به مساحت ......... مترمربع پلاک فرعی از ۷ اصلی واقع در کردستان بخش ۲ حوزه ثبت ملک سقز خریداری از مالک رسمی .........

آقای / خانم ......... فرزند ......... به شماره شناسنامه ......... صادره از سقز در ششدانگ یک باب ساختمان به مساحت ......... مترمربع پلاک فرعی از ۷ اصلی واقع در کردستان بخش ۲ حوزه ثبت ملک سقز خریداری از مالک رسمی .........

آقای / خانم ......... فرزند ......... به شماره شناسنامه ......... صادره از سقز در ششدانگ یک باب ساختمان به مساحت ......... مترمربع پلاک فرعی از ۷ اصلی واقع در کردستان بخش ۲ حوزه ثبت ملک سقز خریداری از مالک رسمی .........

( ادامه در صفحه ۵ )
